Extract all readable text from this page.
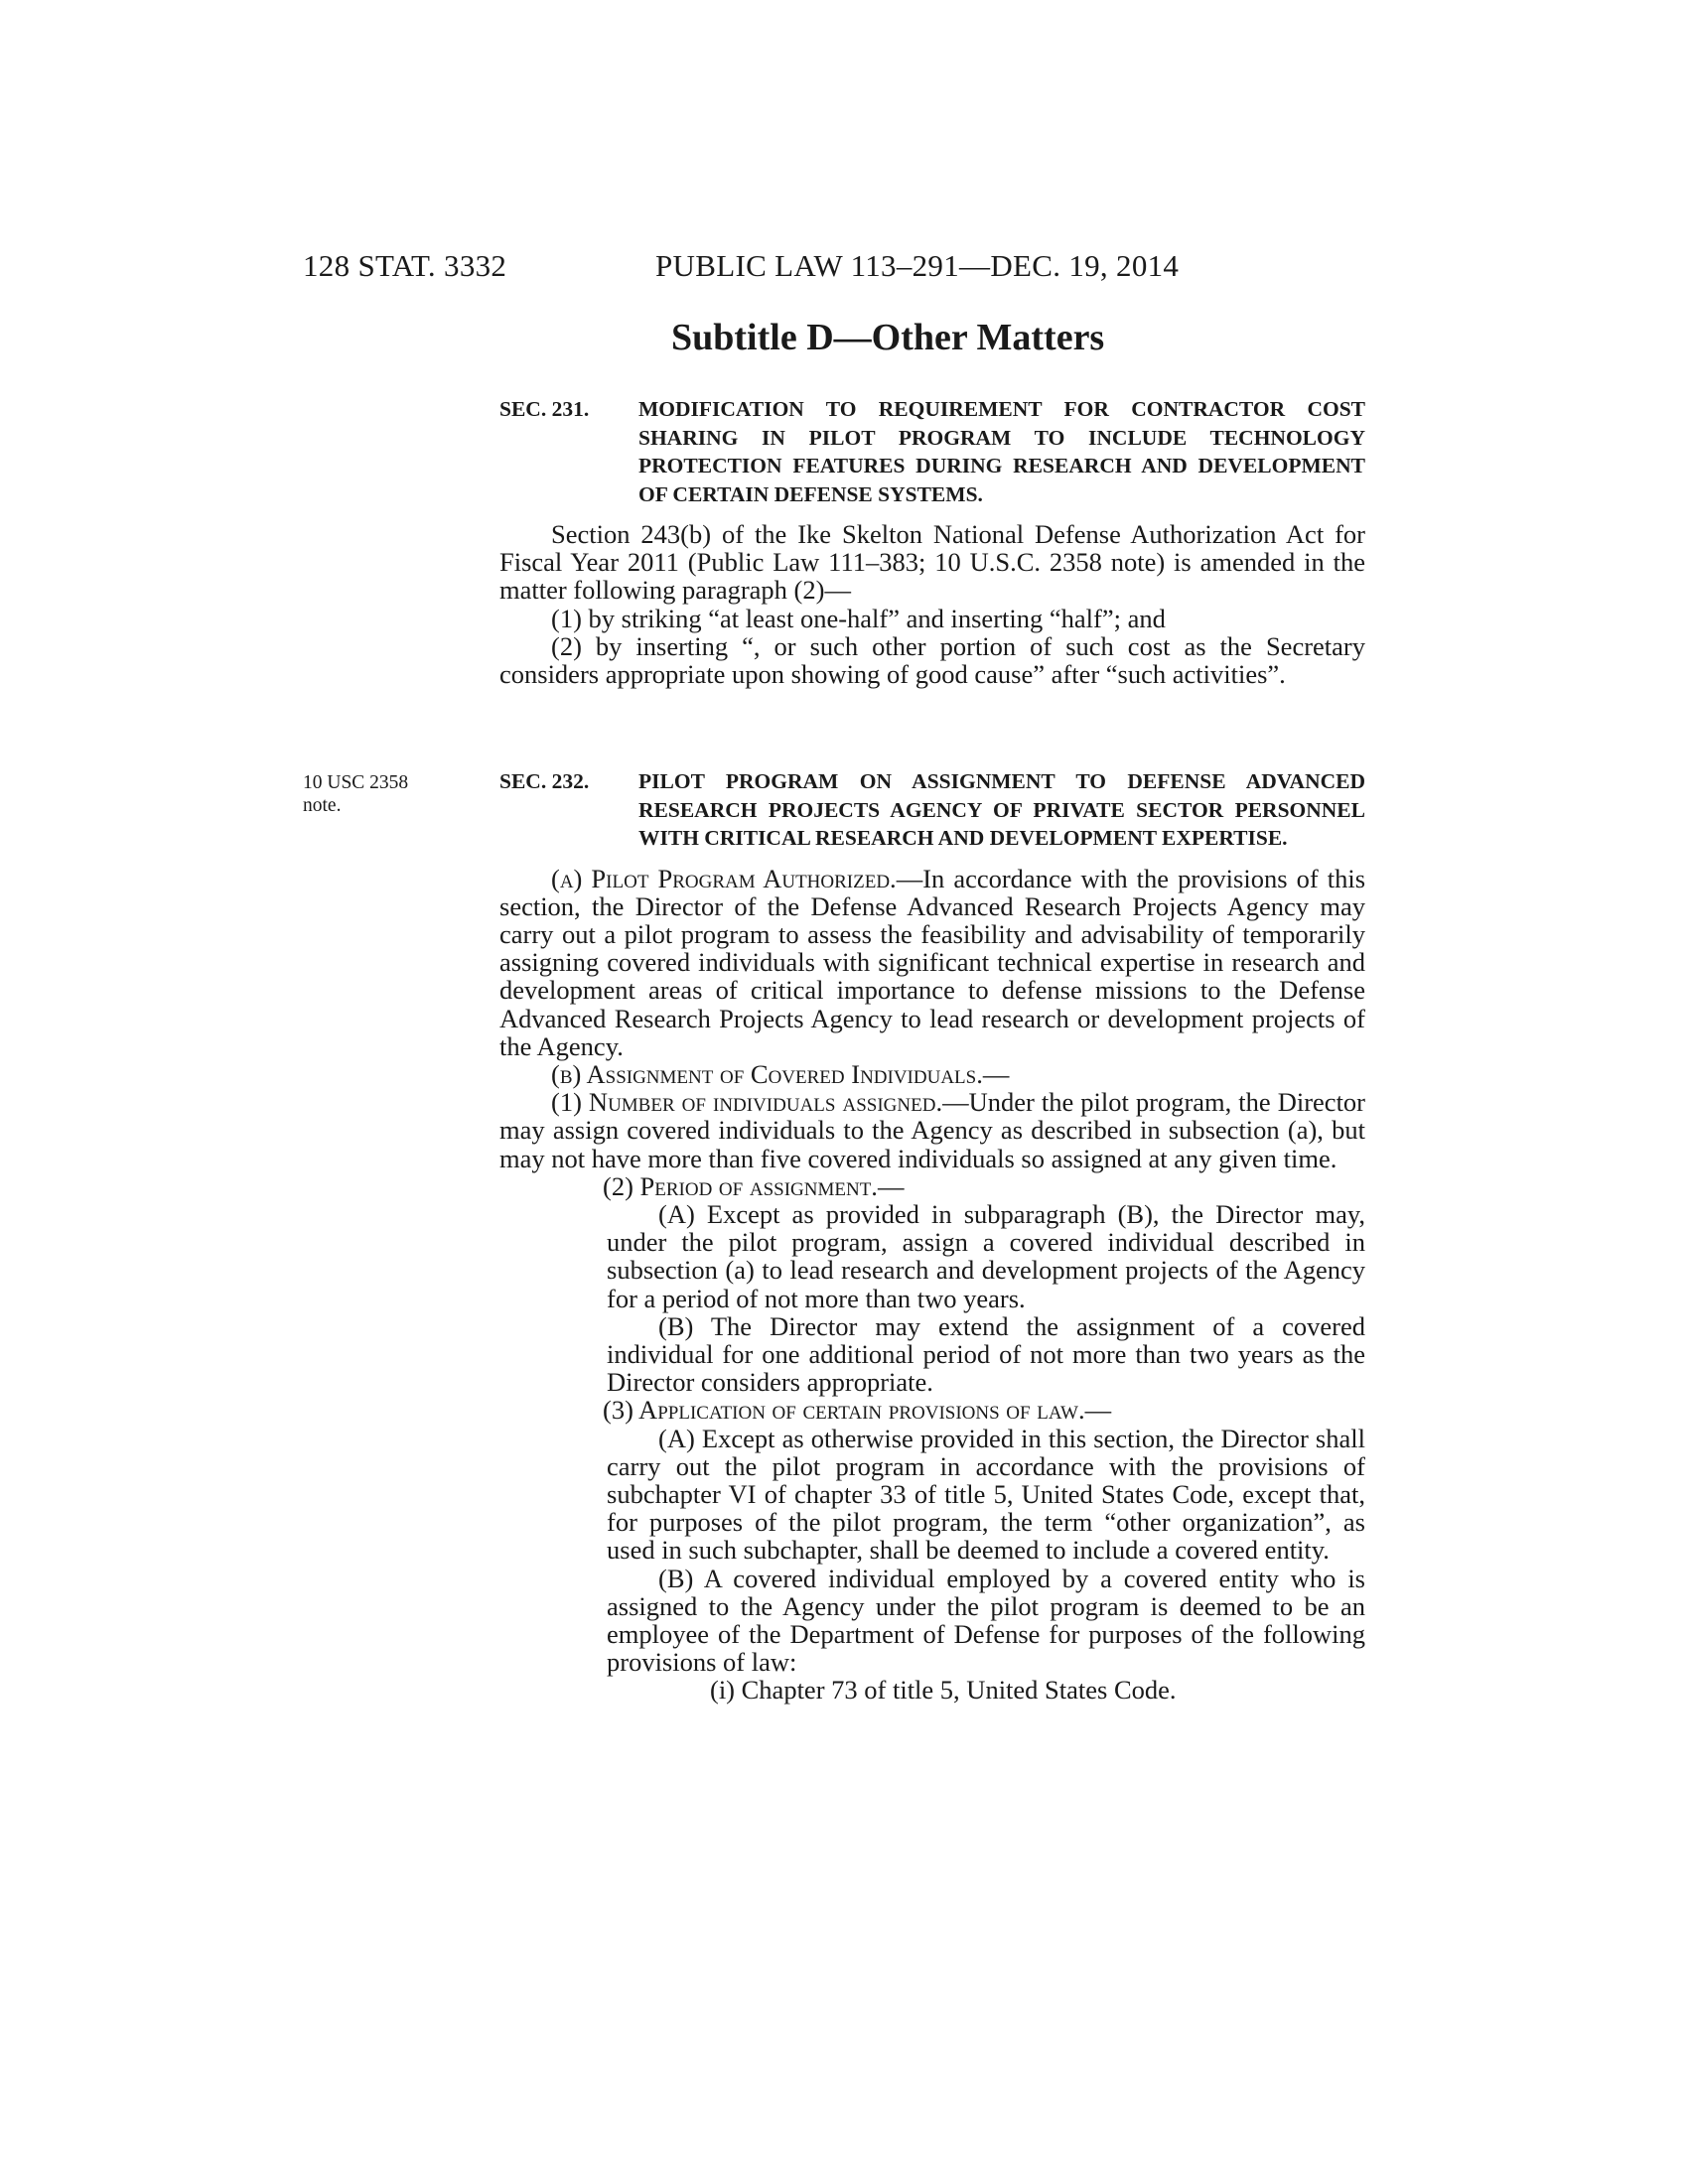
128 STAT. 3332	PUBLIC LAW 113–291—DEC. 19, 2014
Subtitle D—Other Matters
SEC. 231. MODIFICATION TO REQUIREMENT FOR CONTRACTOR COST SHARING IN PILOT PROGRAM TO INCLUDE TECHNOLOGY PROTECTION FEATURES DURING RESEARCH AND DEVELOPMENT OF CERTAIN DEFENSE SYSTEMS.

Section 243(b) of the Ike Skelton National Defense Authorization Act for Fiscal Year 2011 (Public Law 111–383; 10 U.S.C. 2358 note) is amended in the matter following paragraph (2)—

(1) by striking “at least one-half” and inserting “half”; and

(2) by inserting “, or such other portion of such cost as the Secretary considers appropriate upon showing of good cause” after “such activities”.

10 USC 2358
note.
SEC. 232. PILOT PROGRAM ON ASSIGNMENT TO DEFENSE ADVANCED RESEARCH PROJECTS AGENCY OF PRIVATE SECTOR PERSONNEL WITH CRITICAL RESEARCH AND DEVELOPMENT EXPERTISE.

(a) Pilot Program Authorized.—In accordance with the provisions of this section, the Director of the Defense Advanced Research Projects Agency may carry out a pilot program to assess the feasibility and advisability of temporarily assigning covered individuals with significant technical expertise in research and development areas of critical importance to defense missions to the Defense Advanced Research Projects Agency to lead research or development projects of the Agency.

(b) Assignment of Covered Individuals.—

(1) Number of individuals assigned.—Under the pilot program, the Director may assign covered individuals to the Agency as described in subsection (a), but may not have more than five covered individuals so assigned at any given time.

(2) Period of assignment.—

(A) Except as provided in subparagraph (B), the Director may, under the pilot program, assign a covered individual described in subsection (a) to lead research and development projects of the Agency for a period of not more than two years.

(B) The Director may extend the assignment of a covered individual for one additional period of not more than two years as the Director considers appropriate.

(3) Application of certain provisions of law.—

(A) Except as otherwise provided in this section, the Director shall carry out the pilot program in accordance with the provisions of subchapter VI of chapter 33 of title 5, United States Code, except that, for purposes of the pilot program, the term “other organization”, as used in such subchapter, shall be deemed to include a covered entity.

(B) A covered individual employed by a covered entity who is assigned to the Agency under the pilot program is deemed to be an employee of the Department of Defense for purposes of the following provisions of law:

(i) Chapter 73 of title 5, United States Code.
